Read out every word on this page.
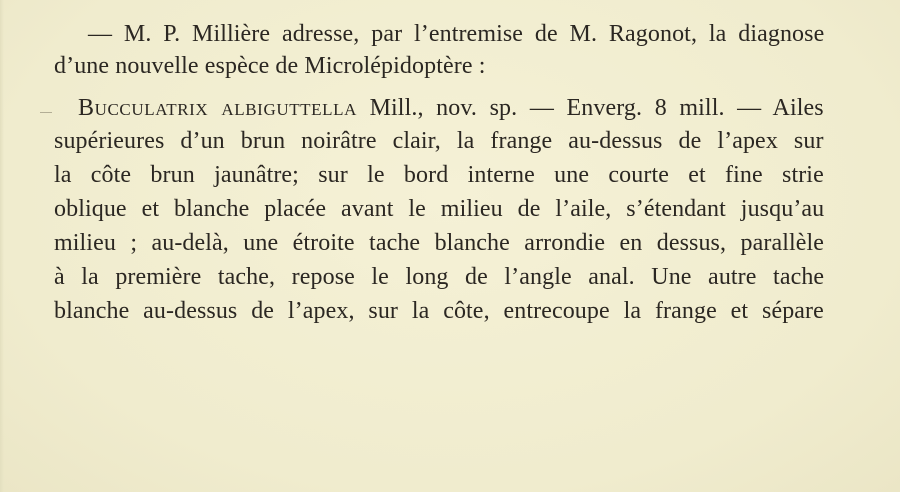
— M. P. Millière adresse, par l’entremise de M. Ragonot, la diagnose
d’une nouvelle espèce de Microlépidoptère :
Bucculatrix albiguttella Mill., nov. sp. — Enverg. 8 mill. — Ailes
supérieures d’un brun noirâtre clair, la frange au-dessus de l’apex sur
la côte brun jaunâtre; sur le bord interne une courte et fine strie
oblique et blanche placée avant le milieu de l’aile, s’étendant jusqu’au
milieu ; au-delà, une étroite tache blanche arrondie en dessus, parallèle
à la première tache, repose le long de l’angle anal. Une autre tache
blanche au-dessus de l’apex, sur la côte, entrecoupe la frange et sépare
